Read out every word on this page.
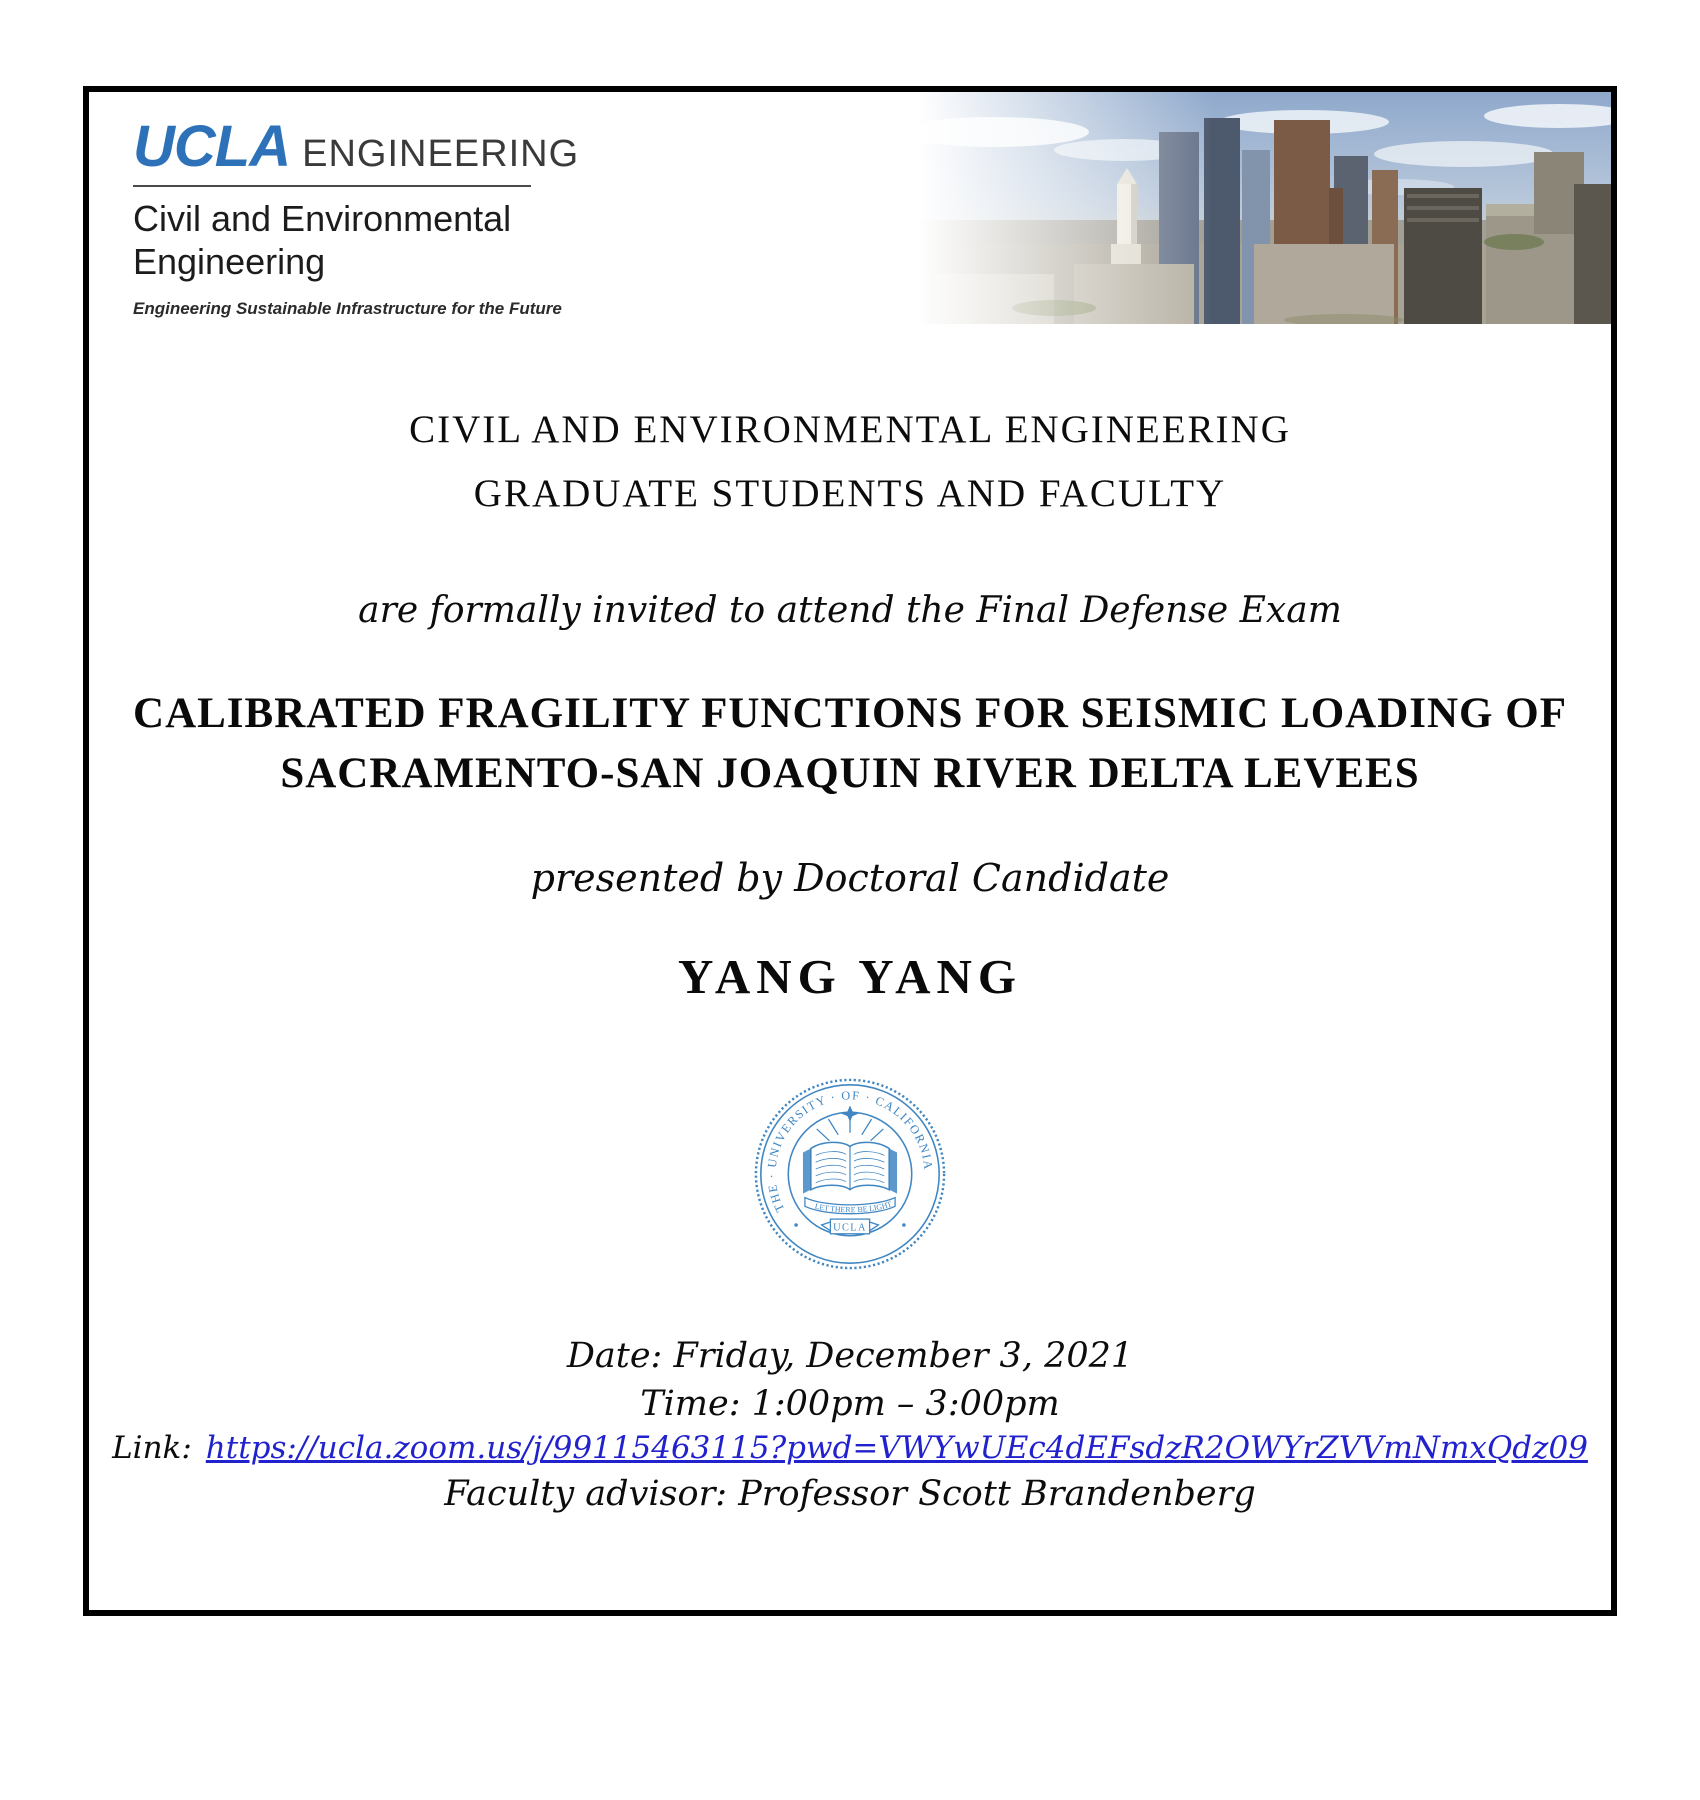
UCLA ENGINEERING
Civil and Environmental
Engineering
Engineering Sustainable Infrastructure for the Future
CIVIL AND ENVIRONMENTAL ENGINEERING
GRADUATE STUDENTS AND FACULTY
are formally invited to attend the Final Defense Exam
CALIBRATED FRAGILITY FUNCTIONS FOR SEISMIC LOADING OF
SACRAMENTO-SAN JOAQUIN RIVER DELTA LEVEES
presented by Doctoral Candidate
YANG YANG
THE · UNIVERSITY · OF · CALIFORNIA
LET THERE BE LIGHT
UCLA
Date: Friday, December 3, 2021
Time: 1:00pm – 3:00pm
Link: https://ucla.zoom.us/j/99115463115?pwd=VWYwUEc4dEFsdzR2OWYrZVVmNmxQdz09
Faculty advisor: Professor Scott Brandenberg
